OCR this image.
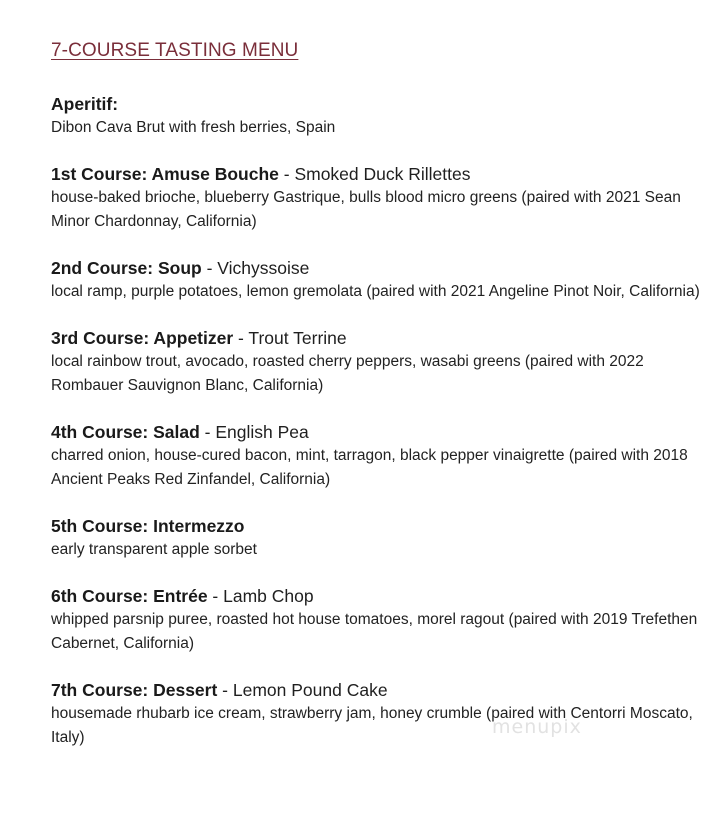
7-COURSE TASTING MENU

Aperitif:

Dibon Cava Brut with fresh berries, Spain

1st Course: Amuse Bouche - Smoked Duck Rillettes

house-baked brioche, blueberry Gastrique, bulls blood micro greens (paired with 2021 Sean Minor Chardonnay, California)

2nd Course: Soup - Vichyssoise

local ramp, purple potatoes, lemon gremolata (paired with 2021 Angeline Pinot Noir, California)

3rd Course: Appetizer - Trout Terrine

local rainbow trout, avocado, roasted cherry peppers, wasabi greens (paired with 2022 Rombauer Sauvignon Blanc, California)

4th Course: Salad - English Pea

charred onion, house-cured bacon, mint, tarragon, black pepper vinaigrette (paired with 2018 Ancient Peaks Red Zinfandel, California)

5th Course: Intermezzo

early transparent apple sorbet

6th Course: Entrée - Lamb Chop

whipped parsnip puree, roasted hot house tomatoes, morel ragout (paired with 2019 Trefethen Cabernet, California)

7th Course: Dessert - Lemon Pound Cake

housemade rhubarb ice cream, strawberry jam, honey crumble (paired with Centorri Moscato, Italy)	menupix
